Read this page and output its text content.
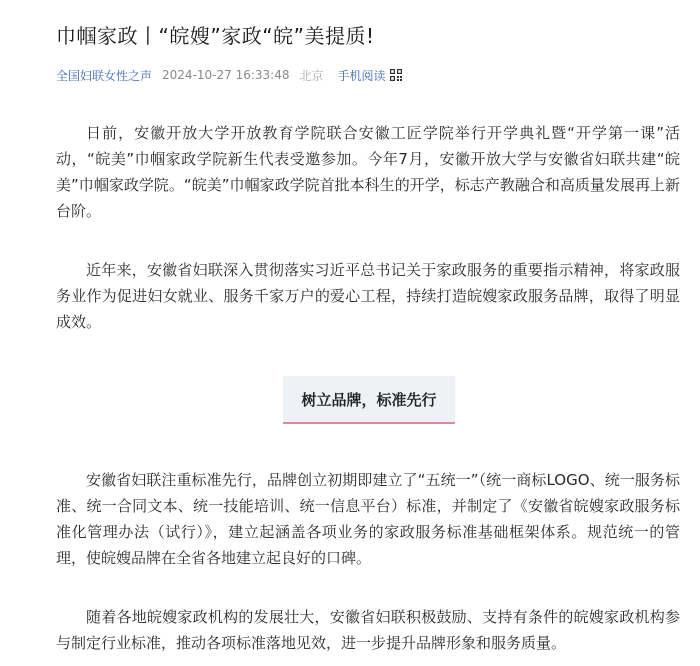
巾帼家政丨“皖嫂”家政“皖”美提质!
全国妇联女性之声 2024-10-27 16:33:48 北京 手机阅读

日前，安徽开放大学开放教育学院联合安徽工匠学院举行开学典礼暨“开学第一课”活动，“皖美”巾帼家政学院新生代表受邀参加。今年7月，安徽开放大学与安徽省妇联共建“皖美”巾帼家政学院。“皖美”巾帼家政学院首批本科生的开学，标志产教融合和高质量发展再上新台阶。

近年来，安徽省妇联深入贯彻落实习近平总书记关于家政服务的重要指示精神，将家政服务业作为促进妇女就业、服务千家万户的爱心工程，持续打造皖嫂家政服务品牌，取得了明显成效。

树立品牌，标准先行

安徽省妇联注重标准先行，品牌创立初期即建立了“五统一”（统一商标LOGO、统一服务标准、统一合同文本、统一技能培训、统一信息平台）标准，并制定了《安徽省皖嫂家政服务标准化管理办法（试行）》，建立起涵盖各项业务的家政服务标准基础框架体系。规范统一的管理，使皖嫂品牌在全省各地建立起良好的口碑。

随着各地皖嫂家政机构的发展壮大，安徽省妇联积极鼓励、支持有条件的皖嫂家政机构参与制定行业标准，推动各项标准落地见效，进一步提升品牌形象和服务质量。
